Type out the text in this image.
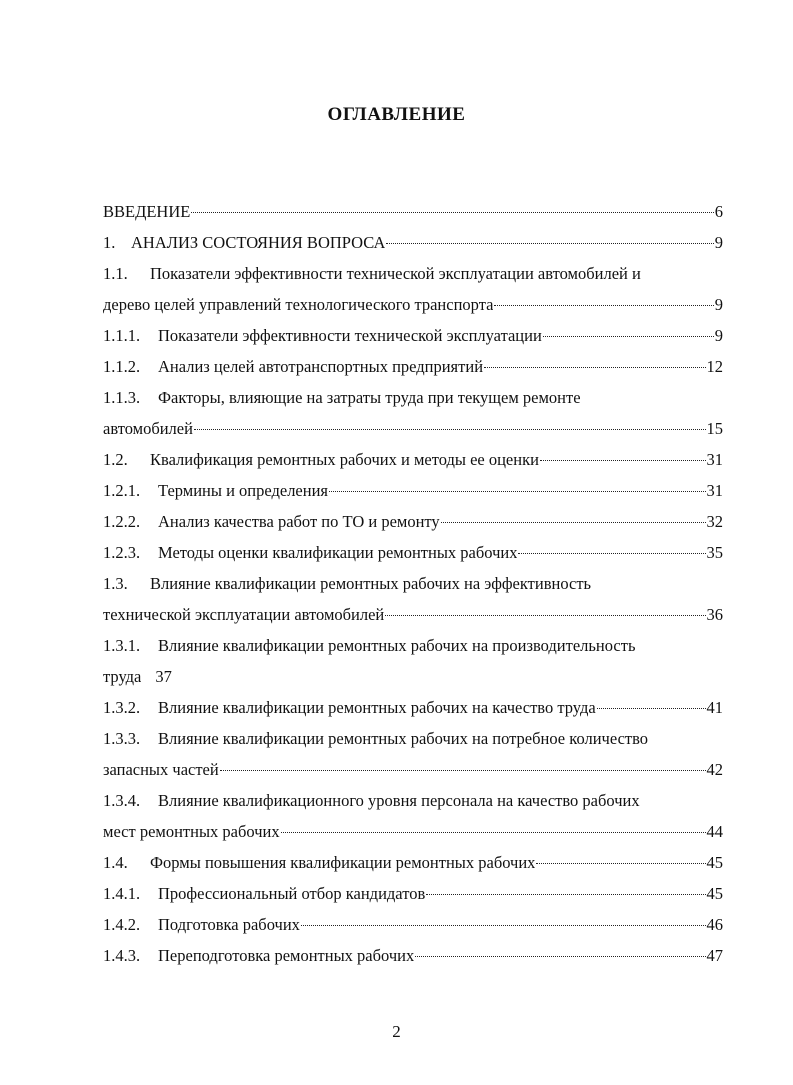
ОГЛАВЛЕНИЕ
ВВЕДЕНИЕ	6
1. АНАЛИЗ СОСТОЯНИЯ ВОПРОСА	9
1.1.	Показатели эффективности технической эксплуатации автомобилей и
дерево целей управлений технологического транспорта	9
1.1.1.	Показатели эффективности технической эксплуатации	9
1.1.2.	Анализ целей автотранспортных предприятий	12
1.1.3.	Факторы, влияющие на затраты труда при текущем ремонте
автомобилей	15
1.2.	Квалификация ремонтных рабочих и методы ее оценки	31
1.2.1.	Термины и определения	31
1.2.2.	Анализ качества работ по ТО и ремонту	32
1.2.3.	Методы оценки квалификации ремонтных рабочих	35
1.3.	Влияние квалификации ремонтных рабочих на эффективность
технической эксплуатации автомобилей	36
1.3.1.	Влияние квалификации ремонтных рабочих на производительность
труда 37
1.3.2.	Влияние квалификации ремонтных рабочих на качество труда	41
1.3.3.	Влияние квалификации ремонтных рабочих на потребное количество
запасных частей	42
1.3.4.	Влияние квалификационного уровня персонала на качество рабочих
мест ремонтных рабочих	44
1.4.	Формы повышения квалификации ремонтных рабочих	45
1.4.1.	Профессиональный отбор кандидатов	45
1.4.2.	Подготовка рабочих	46
1.4.3.	Переподготовка ремонтных рабочих	47
2
